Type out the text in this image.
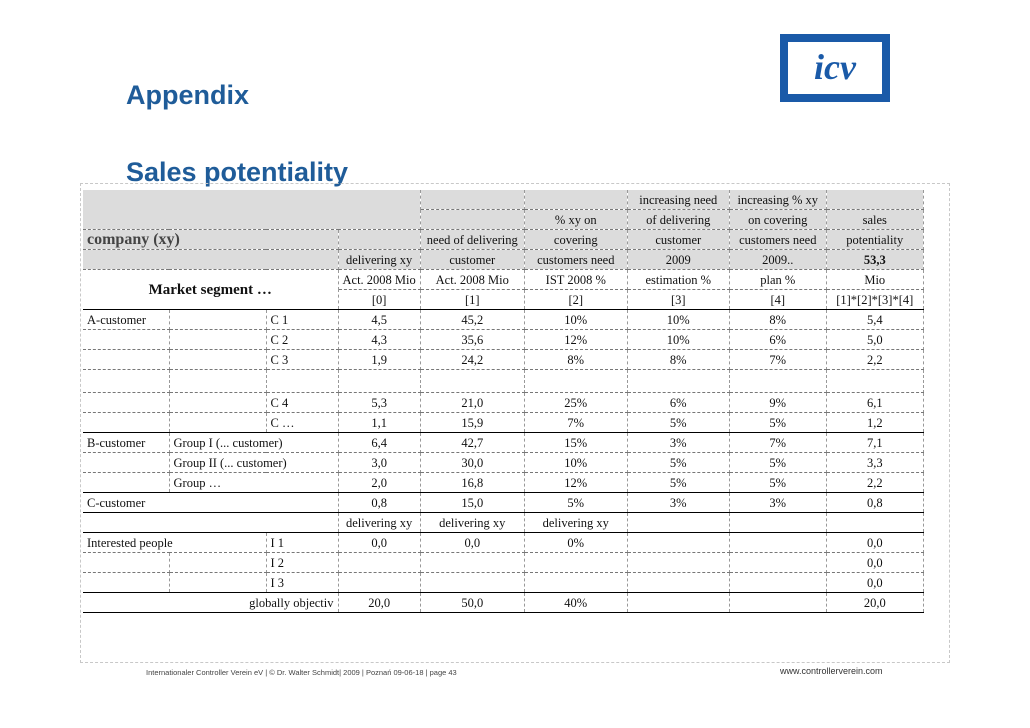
Appendix
Sales potentiality
icv
						increasing need	increasing % xy	
					% xy on	of delivering	on covering	sales
company (xy)				need of delivering	covering	customer	customers need	potentiality
			delivering xy	customer	customers need	2009	2009..	53,3
Market segment …			Act. 2008 Mio	Act. 2008 Mio	IST 2008 %	estimation %	plan %	Mio
			[0]	[1]	[2]	[3]	[4]	[1]*[2]*[3]*[4]
A-customer		C 1	4,5	45,2	10%	10%	8%	5,4
		C 2	4,3	35,6	12%	10%	6%	5,0
		C 3	1,9	24,2	8%	8%	7%	2,2

		C 4	5,3	21,0	25%	6%	9%	6,1
		C …	1,1	15,9	7%	5%	5%	1,2
B-customer	Group I (... customer)		6,4	42,7	15%	3%	7%	7,1
	Group II (... customer)		3,0	30,0	10%	5%	5%	3,3
	Group …		2,0	16,8	12%	5%	5%	2,2
C-customer			0,8	15,0	5%	3%	3%	0,8
			delivering xy	delivering xy	delivering xy			
Interested people		I 1	0,0	0,0	0%			0,0
		I 2						0,0
		I 3						0,0
globally objectiv			20,0	50,0	40%			20,0
Internationaler Controller Verein eV | © Dr. Walter Schmidt| 2009 | Poznań 09-06-18 | page 43	www.controllerverein.com
